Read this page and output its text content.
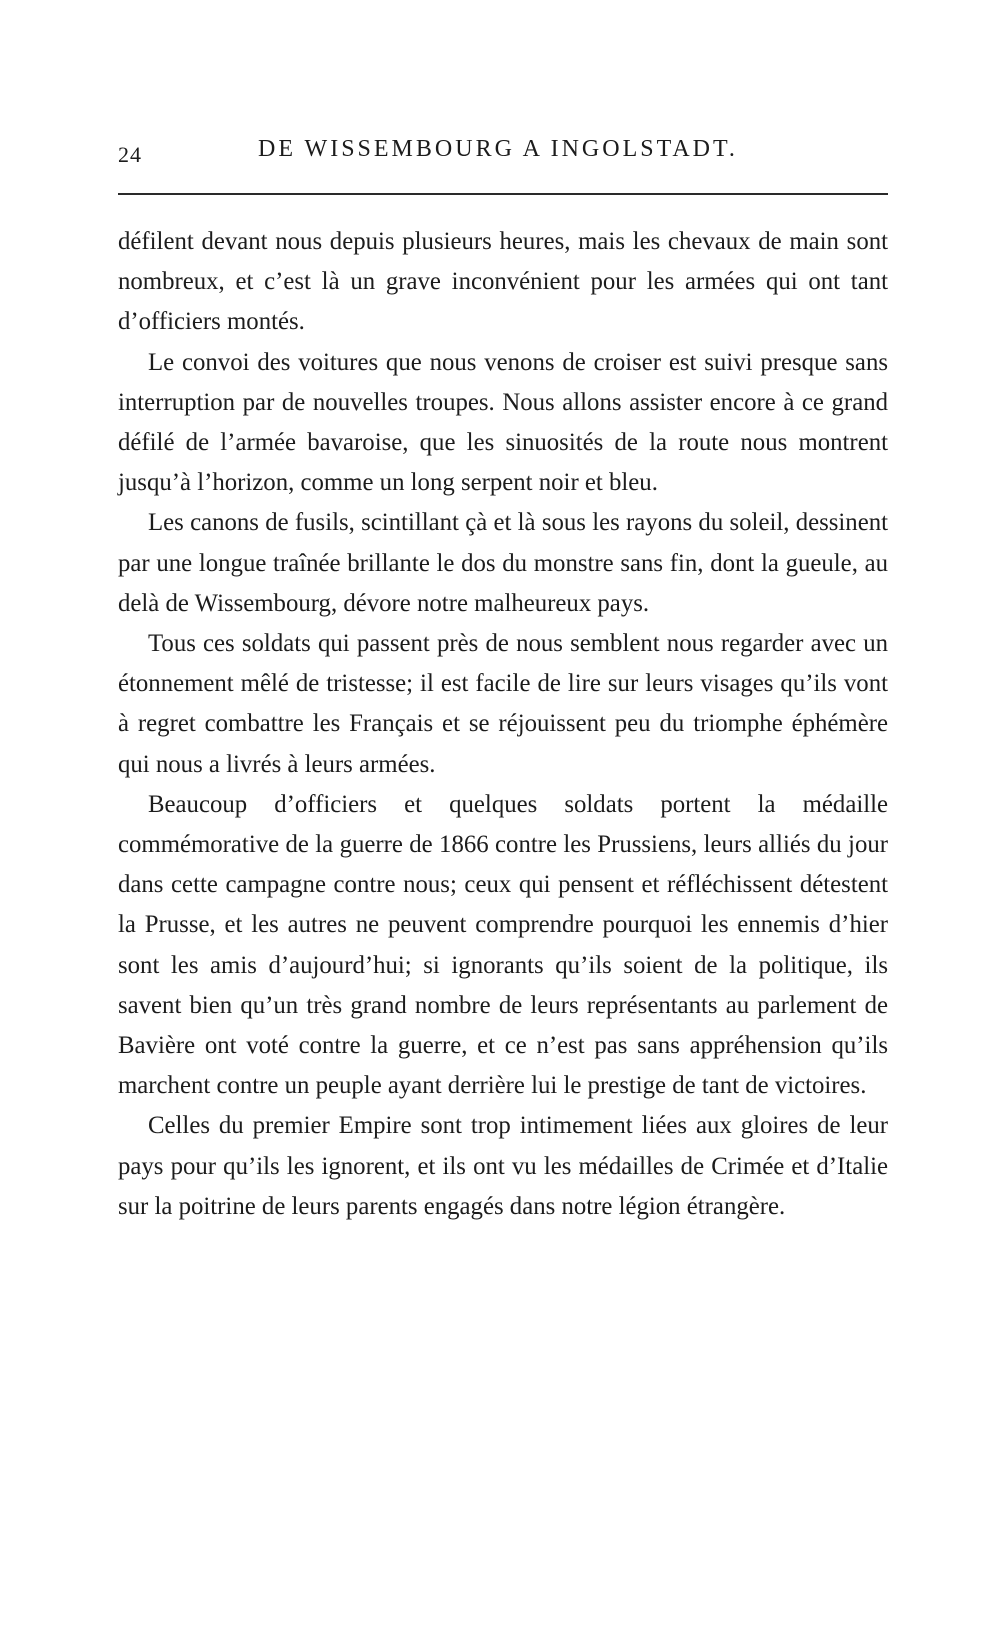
24	DE WISSEMBOURG A INGOLSTADT.

défilent devant nous depuis plusieurs heures, mais les chevaux de main sont nombreux, et c’est là un grave inconvénient pour les armées qui ont tant d’officiers montés.

Le convoi des voitures que nous venons de croiser est suivi presque sans interruption par de nouvelles troupes. Nous allons assister encore à ce grand défilé de l’armée bavaroise, que les sinuosités de la route nous montrent jusqu’à l’horizon, comme un long serpent noir et bleu.

Les canons de fusils, scintillant çà et là sous les rayons du soleil, dessinent par une longue traînée brillante le dos du monstre sans fin, dont la gueule, au delà de Wissembourg, dévore notre malheureux pays.

Tous ces soldats qui passent près de nous semblent nous regarder avec un étonnement mêlé de tristesse; il est facile de lire sur leurs visages qu’ils vont à regret combattre les Français et se réjouissent peu du triomphe éphémère qui nous a livrés à leurs armées.

Beaucoup d’officiers et quelques soldats portent la médaille commémorative de la guerre de 1866 contre les Prussiens, leurs alliés du jour dans cette campagne contre nous; ceux qui pensent et réfléchissent détestent la Prusse, et les autres ne peuvent comprendre pourquoi les ennemis d’hier sont les amis d’aujourd’hui; si ignorants qu’ils soient de la politique, ils savent bien qu’un très grand nombre de leurs représentants au parlement de Bavière ont voté contre la guerre, et ce n’est pas sans appréhension qu’ils marchent contre un peuple ayant derrière lui le prestige de tant de victoires.

Celles du premier Empire sont trop intimement liées aux gloires de leur pays pour qu’ils les ignorent, et ils ont vu les médailles de Crimée et d’Italie sur la poitrine de leurs parents engagés dans notre légion étrangère.
